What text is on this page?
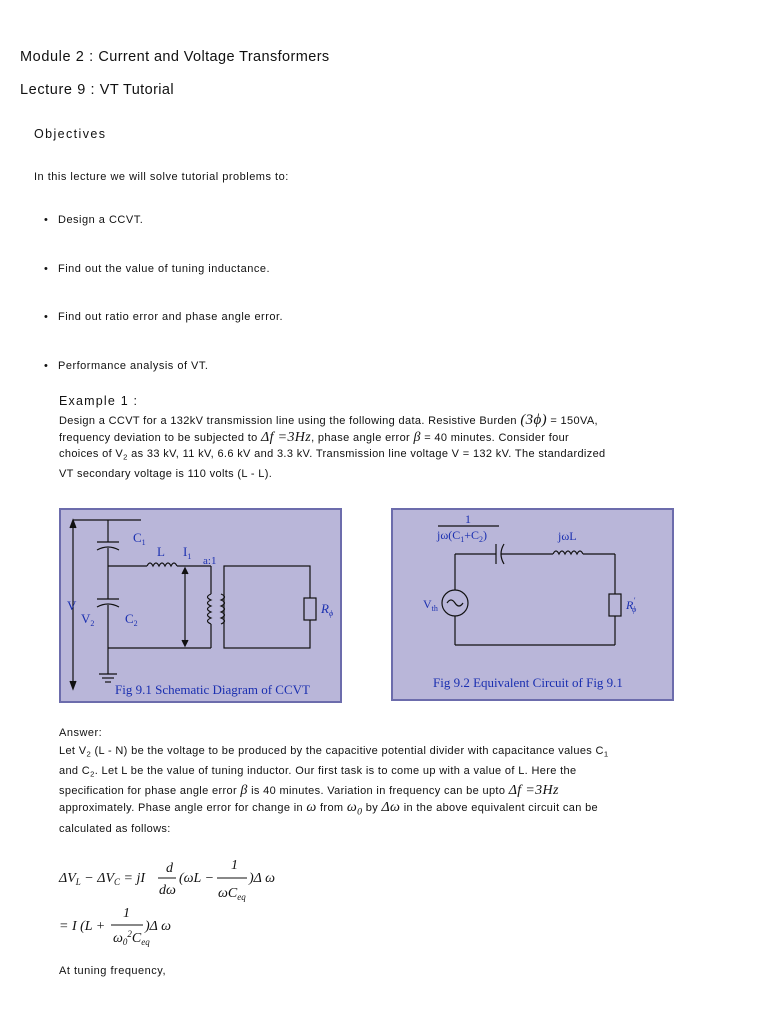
Module 2 : Current and Voltage Transformers
Lecture 9 : VT Tutorial
Objectives
In this lecture we will solve tutorial problems to:
• Design a CCVT.
• Find out the value of tuning inductance.
• Find out ratio error and phase angle error.
• Performance analysis of VT.
Example 1 :
Design a CCVT for a 132kV transmission line using the following data. Resistive Burden (3ϕ) = 150VA,
frequency deviation to be subjected to Δf =3Hz, phase angle error β = 40 minutes. Consider four
choices of $V_2$ as 33 kV, 11 kV, 6.6 kV and 3.3 kV. Transmission line voltage V = 132 kV. The standardized
VT secondary voltage is 110 volts (L - L).
$C_1$
L $I_1$ a:1
V
$V_2$ $C_2$
$R_\phi$
Fig 9.1 Schematic Diagram of CCVT
1
$j\omega(C_1+C_2)$	jωL
$V_{th}$	R′ ϕ
Fig 9.2 Equivalent Circuit of Fig 9.1
Answer:
Let $V_2$ (L - N) be the voltage to be produced by the capacitive potential divider with capacitance values $C_1$
and $C_2$. Let L be the value of tuning inductor. Our first task is to come up with a value of L. Here the
specification for phase angle error β is 40 minutes. Variation in frequency can be upto Δf =3Hz
approximately. Phase angle error for change in ω from $\omega_0$ by Δω in the above equivalent circuit can be
calculated as follows:
$\Delta V_L - \Delta V_C$ = jI
d
dω
(ωL −
1
$\omega C_{eq}$
)Δ ω
= I (L +
1
$\omega_0^2C_{eq}$
)Δ ω
At tuning frequency,
